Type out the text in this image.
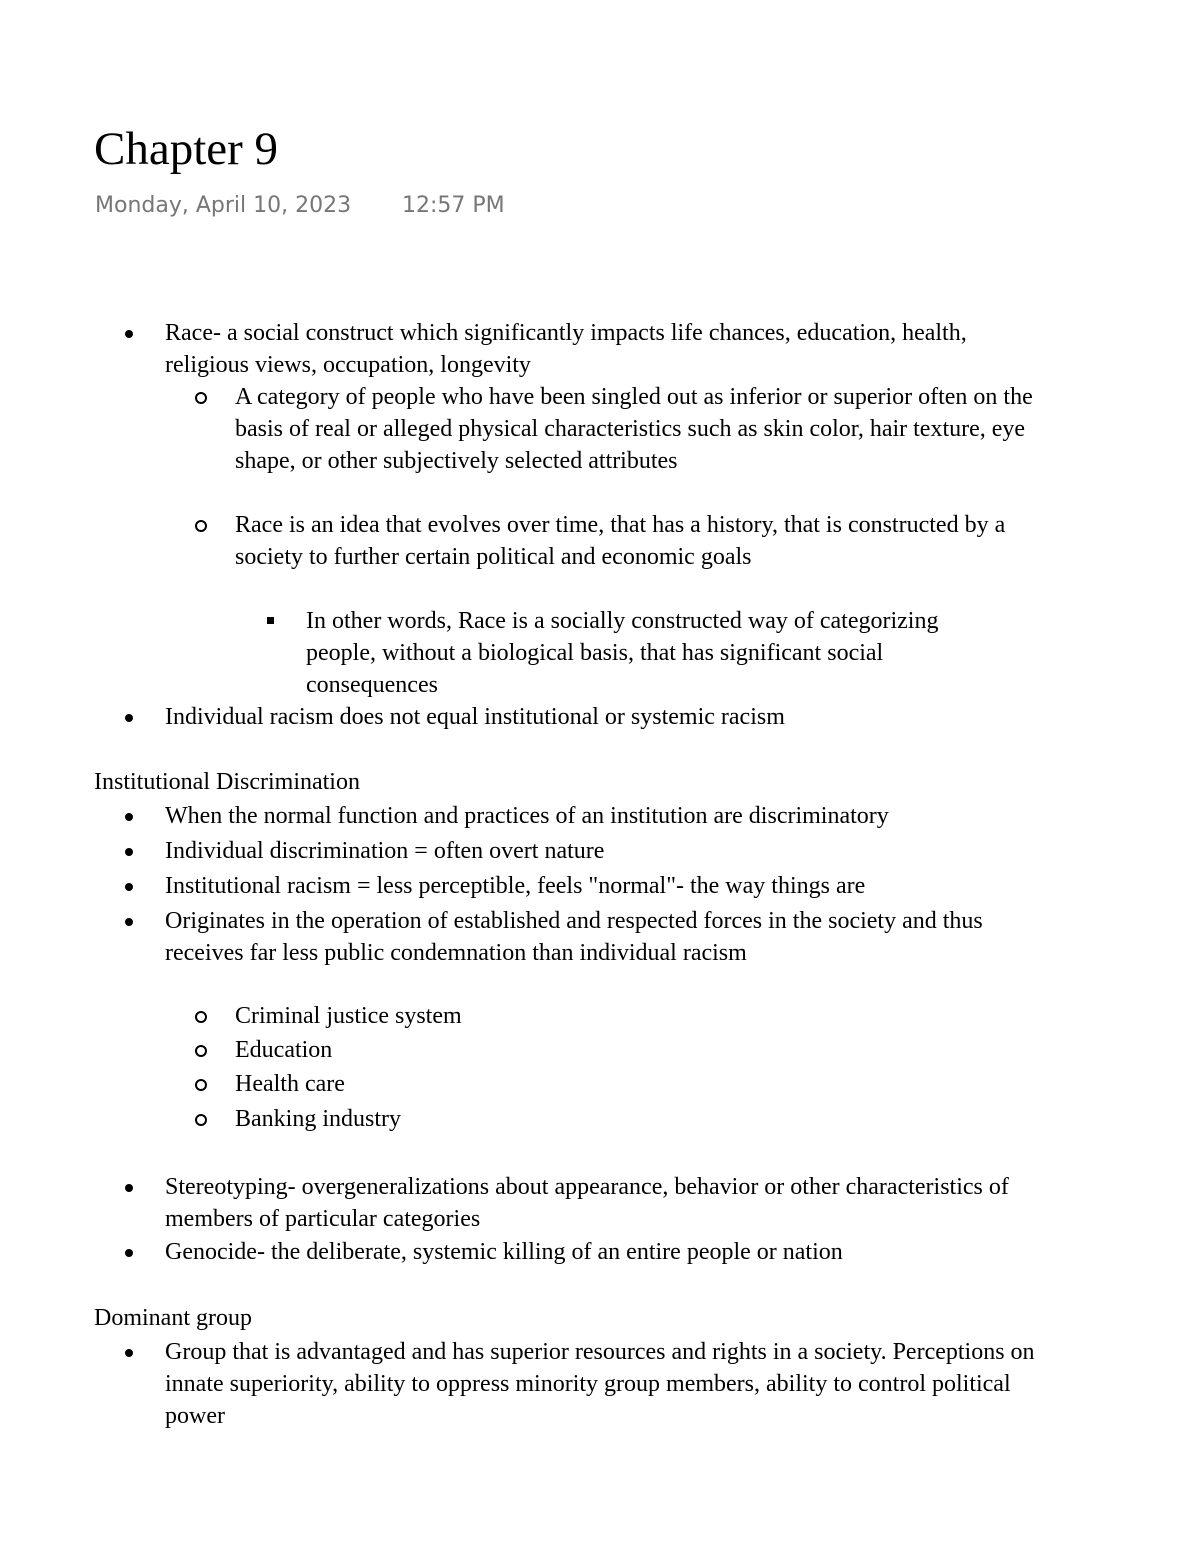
Chapter 9
Monday, April 10, 2023 12:57 PM
Race- a social construct which significantly impacts life chances, education, health, religious views, occupation, longevity
A category of people who have been singled out as inferior or superior often on the basis of real or alleged physical characteristics such as skin color, hair texture, eye shape, or other subjectively selected attributes
Race is an idea that evolves over time, that has a history, that is constructed by a society to further certain political and economic goals
In other words, Race is a socially constructed way of categorizing people, without a biological basis, that has significant social consequences
Individual racism does not equal institutional or systemic racism
Institutional Discrimination
When the normal function and practices of an institution are discriminatory
Individual discrimination = often overt nature
Institutional racism = less perceptible, feels "normal"- the way things are
Originates in the operation of established and respected forces in the society and thus receives far less public condemnation than individual racism
Criminal justice system
Education
Health care
Banking industry
Stereotyping- overgeneralizations about appearance, behavior or other characteristics of members of particular categories
Genocide- the deliberate, systemic killing of an entire people or nation
Dominant group
Group that is advantaged and has superior resources and rights in a society. Perceptions on innate superiority, ability to oppress minority group members, ability to control political power
